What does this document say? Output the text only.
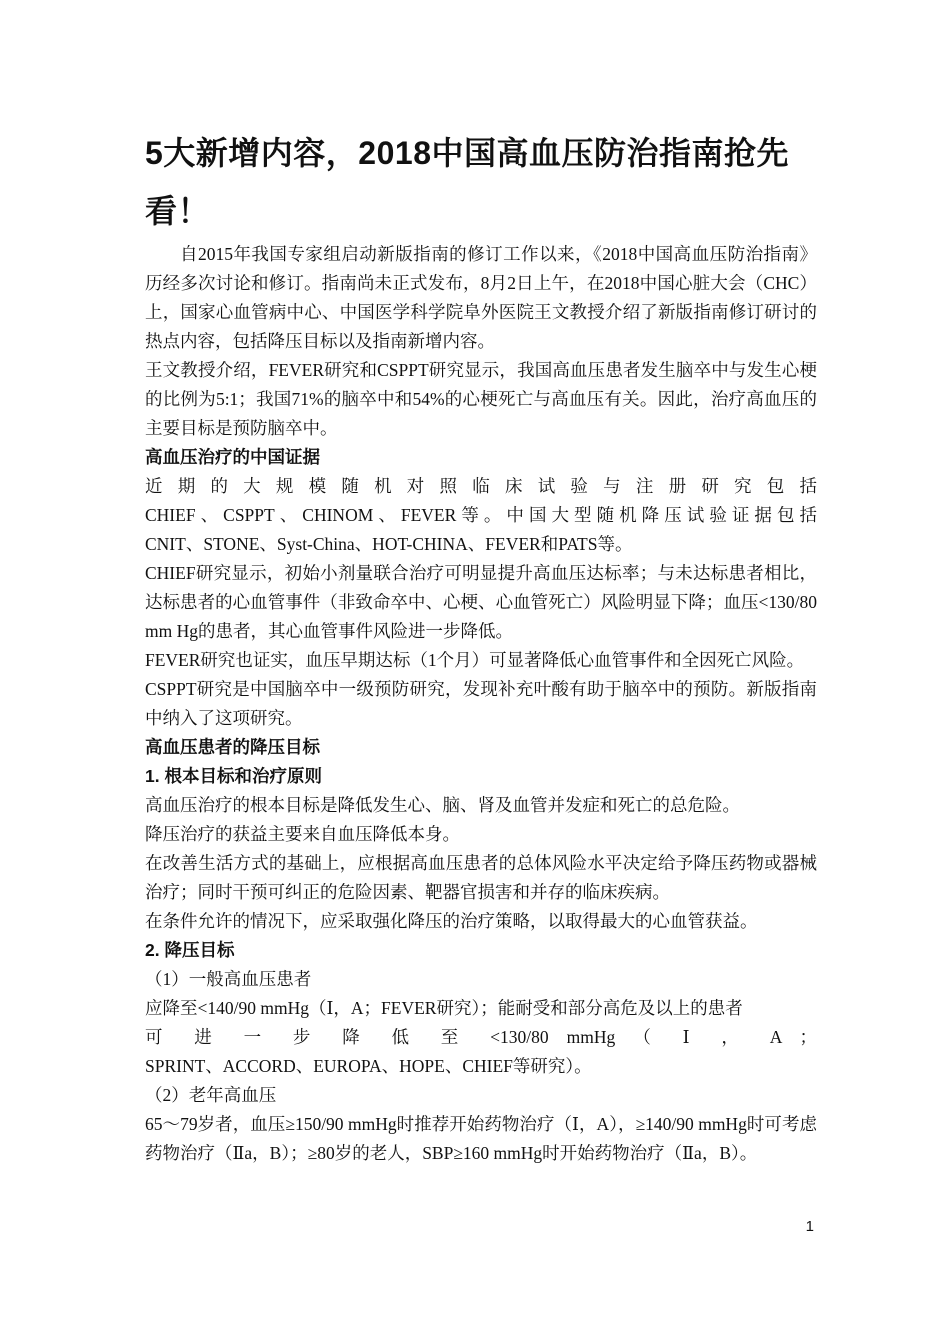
5大新增内容，2018中国高血压防治指南抢先看！

自2015年我国专家组启动新版指南的修订工作以来，《2018中国高血压防治指南》历经多次讨论和修订。指南尚未正式发布，8月2日上午，在2018中国心脏大会（CHC）上，国家心血管病中心、中国医学科学院阜外医院王文教授介绍了新版指南修订研讨的热点内容，包括降压目标以及指南新增内容。

王文教授介绍，FEVER研究和CSPPT研究显示，我国高血压患者发生脑卒中与发生心梗的比例为5:1；我国71%的脑卒中和54%的心梗死亡与高血压有关。因此，治疗高血压的主要目标是预防脑卒中。

高血压治疗的中国证据

近期的大规模随机对照临床试验与注册研究包括

CHIEF、CSPPT、CHINOM、FEVER等。中国大型随机降压试验证据包括

CNIT、STONE、Syst-China、HOT-CHINA、FEVER和PATS等。

CHIEF研究显示，初始小剂量联合治疗可明显提升高血压达标率；与未达标患者相比，达标患者的心血管事件（非致命卒中、心梗、心血管死亡）风险明显下降；血压<130/80 mm Hg的患者，其心血管事件风险进一步降低。

FEVER研究也证实，血压早期达标（1个月）可显著降低心血管事件和全因死亡风险。

CSPPT研究是中国脑卒中一级预防研究，发现补充叶酸有助于脑卒中的预防。新版指南中纳入了这项研究。

高血压患者的降压目标

1. 根本目标和治疗原则

高血压治疗的根本目标是降低发生心、脑、肾及血管并发症和死亡的总危险。

降压治疗的获益主要来自血压降低本身。

在改善生活方式的基础上，应根据高血压患者的总体风险水平决定给予降压药物或器械治疗；同时干预可纠正的危险因素、靶器官损害和并存的临床疾病。

在条件允许的情况下，应采取强化降压的治疗策略，以取得最大的心血管获益。

2. 降压目标

（1）一般高血压患者

应降至<140/90 mmHg（Ⅰ，A；FEVER研究）；能耐受和部分高危及以上的患者

可 进 一 步 降 低 至 <130/80 mmHg （ Ⅰ ， A ；

SPRINT、ACCORD、EUROPA、HOPE、CHIEF等研究）。

（2）老年高血压

65～79岁者，血压≥150/90 mmHg时推荐开始药物治疗（Ⅰ，A），≥140/90 mmHg时可考虑药物治疗（Ⅱa，B）；≥80岁的老人，SBP≥160 mmHg时开始药物治疗（Ⅱa，B）。

1
